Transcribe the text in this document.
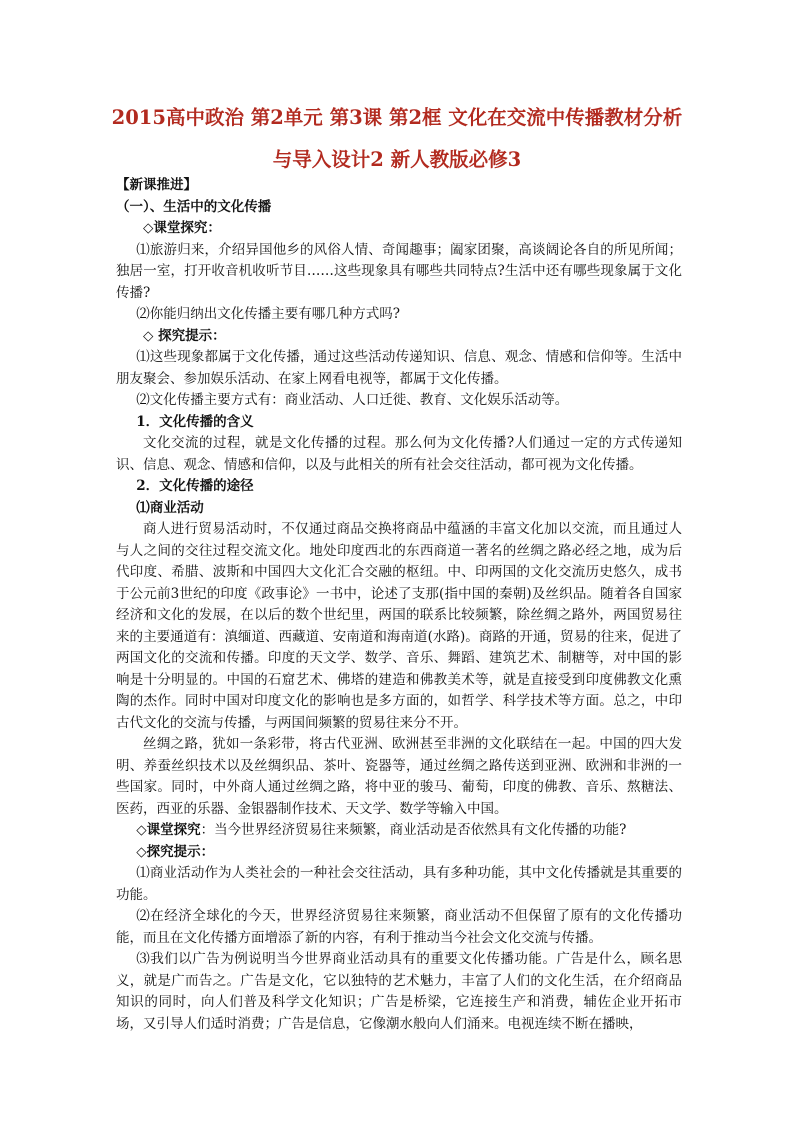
2015高中政治 第2单元 第3课 第2框 文化在交流中传播教材分析
与导入设计2 新人教版必修3

【新课推进】

（一）、生活中的文化传播

◇课堂探究：

⑴旅游归来，介绍异国他乡的风俗人情、奇闻趣事；阖家团聚，高谈阔论各自的所见所闻；独居一室，打开收音机收听节目……这些现象具有哪些共同特点?生活中还有哪些现象属于文化传播?

⑵你能归纳出文化传播主要有哪几种方式吗?

◇ 探究提示：

⑴这些现象都属于文化传播，通过这些活动传递知识、信息、观念、情感和信仰等。生活中朋友聚会、参加娱乐活动、在家上网看电视等，都属于文化传播。

⑵文化传播主要方式有：商业活动、人口迁徙、教育、文化娱乐活动等。

1．文化传播的含义

文化交流的过程，就是文化传播的过程。那么何为文化传播?人们通过一定的方式传递知识、信息、观念、情感和信仰，以及与此相关的所有社会交往活动，都可视为文化传播。

2．文化传播的途径

⑴商业活动

商人进行贸易活动时，不仅通过商品交换将商品中蕴涵的丰富文化加以交流，而且通过人与人之间的交往过程交流文化。地处印度西北的东西商道一著名的丝绸之路必经之地，成为后代印度、希腊、波斯和中国四大文化汇合交融的枢纽。中、印两国的文化交流历史悠久，成书于公元前3世纪的印度《政事论》一书中，论述了支那(指中国的秦朝)及丝织品。随着各自国家经济和文化的发展，在以后的数个世纪里，两国的联系比较频繁，除丝绸之路外，两国贸易往来的主要通道有：滇缅道、西藏道、安南道和海南道(水路)。商路的开通，贸易的往来，促进了两国文化的交流和传播。印度的天文学、数学、音乐、舞蹈、建筑艺术、制糖等，对中国的影响是十分明显的。中国的石窟艺术、佛塔的建造和佛教美术等，就是直接受到印度佛教文化熏陶的杰作。同时中国对印度文化的影响也是多方面的，如哲学、科学技术等方面。总之，中印古代文化的交流与传播，与两国间频繁的贸易往来分不开。

丝绸之路，犹如一条彩带，将古代亚洲、欧洲甚至非洲的文化联结在一起。中国的四大发明、养蚕丝织技术以及丝绸织品、茶叶、瓷器等，通过丝绸之路传送到亚洲、欧洲和非洲的一些国家。同时，中外商人通过丝绸之路，将中亚的骏马、葡萄，印度的佛教、音乐、熬糖法、医药，西亚的乐器、金银器制作技术、天文学、数学等输入中国。

◇课堂探究：当今世界经济贸易往来频繁，商业活动是否依然具有文化传播的功能?

◇探究提示：

⑴商业活动作为人类社会的一种社会交往活动，具有多种功能，其中文化传播就是其重要的功能。

⑵在经济全球化的今天，世界经济贸易往来频繁，商业活动不但保留了原有的文化传播功能，而且在文化传播方面增添了新的内容，有利于推动当今社会文化交流与传播。

⑶我们以广告为例说明当今世界商业活动具有的重要文化传播功能。广告是什么，顾名思义，就是广而告之。广告是文化，它以独特的艺术魅力，丰富了人们的文化生活，在介绍商品知识的同时，向人们普及科学文化知识；广告是桥梁，它连接生产和消费，辅佐企业开拓市场，又引导人们适时消费；广告是信息，它像潮水般向人们涌来。电视连续不断在播映，
